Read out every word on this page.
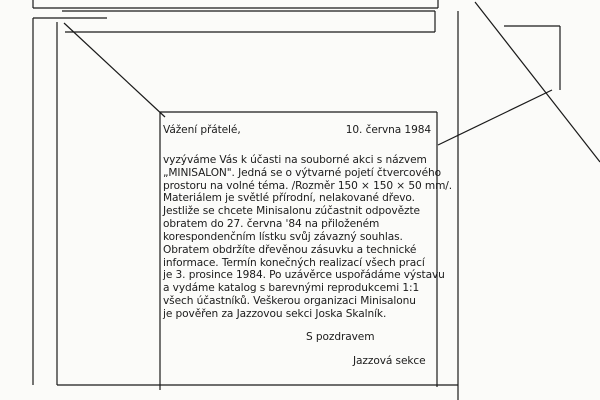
Vážení přátelé,	10. června 1984
vyzýváme Vás k účasti na souborné akci s názvem
„MINISALON". Jedná se o výtvarné pojetí čtvercového
prostoru na volné téma. /Rozměr 150 × 150 × 50 mm/.
Materiálem je světlé přírodní, nelakované dřevo.
Jestliže se chcete Minisalonu zúčastnit odpovězte
obratem do 27. června '84 na přiloženém
korespondenčním lístku svůj závazný souhlas.
Obratem obdržíte dřevěnou zásuvku a technické
informace. Termín konečných realizací všech prací
je 3. prosince 1984. Po uzávěrce uspořádáme výstavu
a vydáme katalog s barevnými reprodukcemi 1:1
všech účastníků. Veškerou organizaci Minisalonu
je pověřen za Jazzovou sekci Joska Skalník.
S pozdravem
Jazzová sekce
